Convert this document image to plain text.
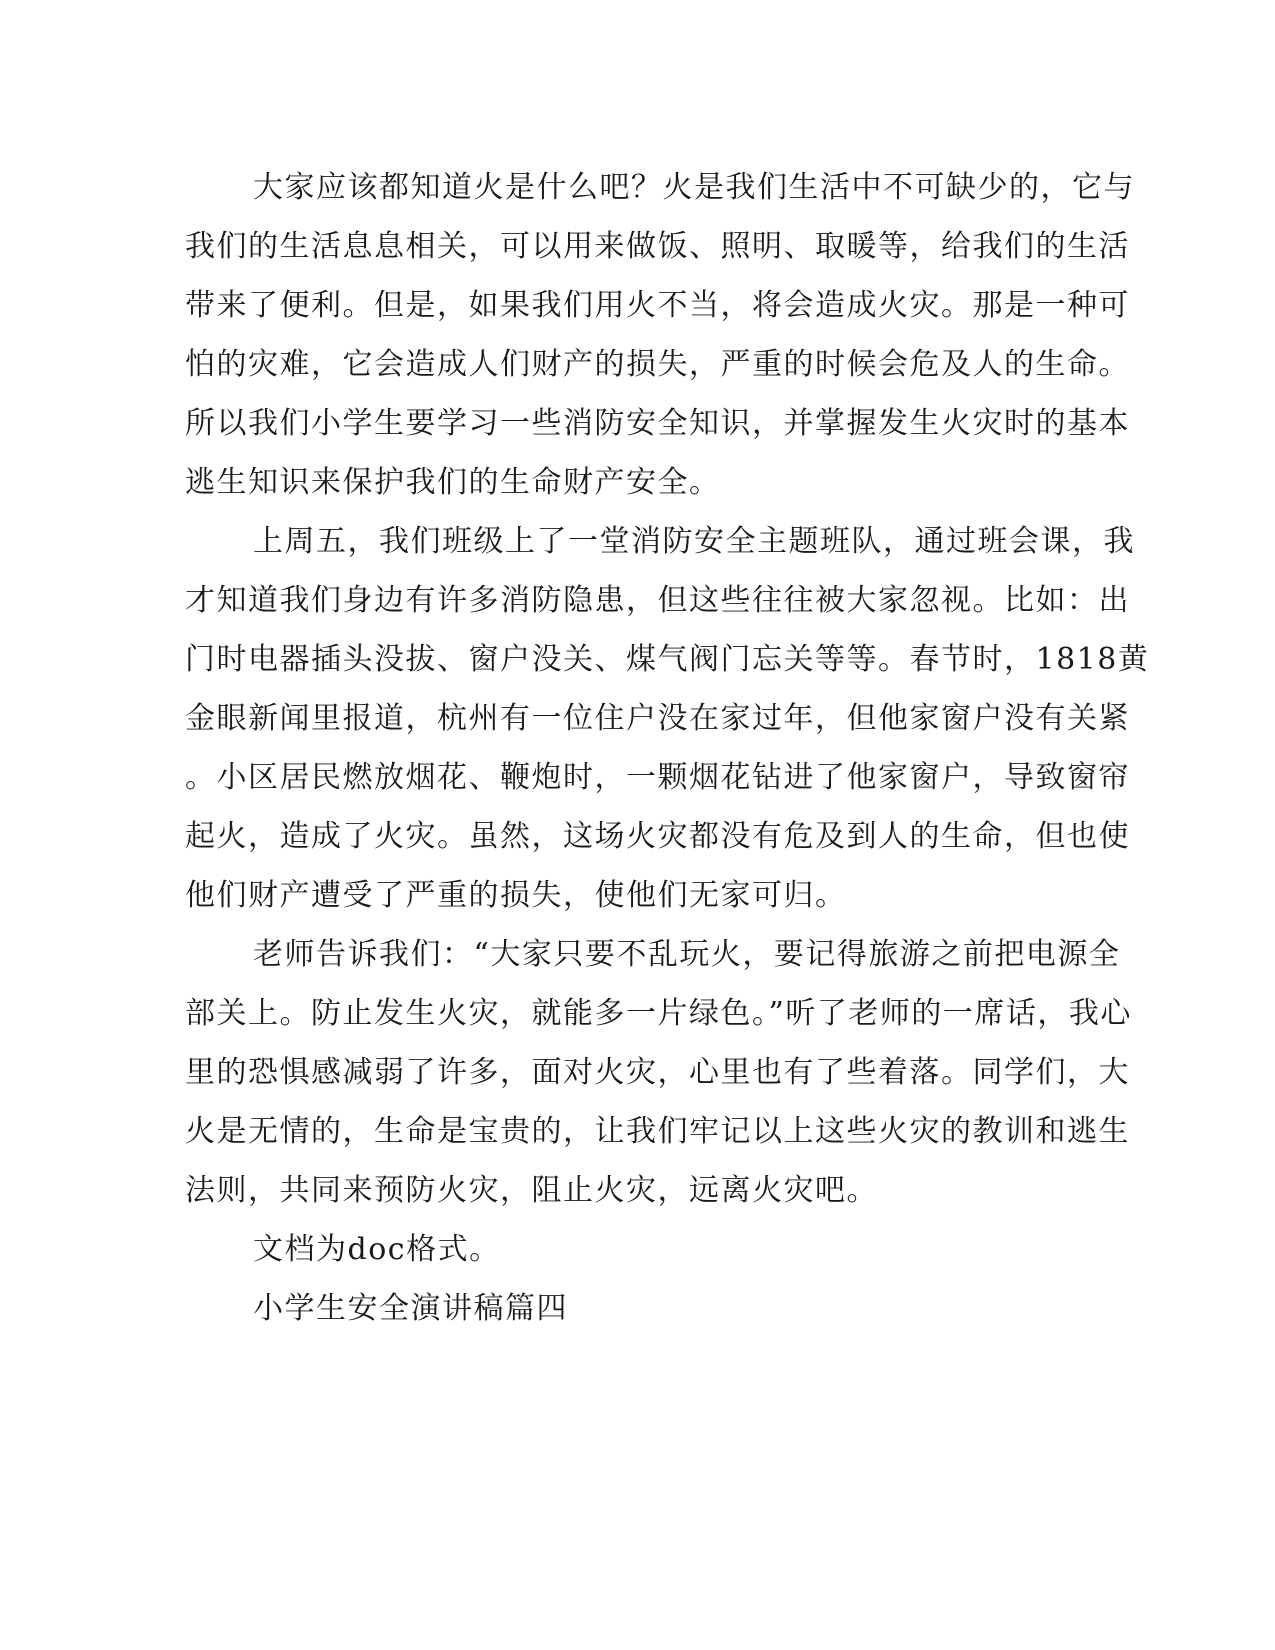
大家应该都知道火是什么吧？火是我们生活中不可缺少的，它与
我们的生活息息相关，可以用来做饭、照明、取暖等，给我们的生活
带来了便利。但是，如果我们用火不当，将会造成火灾。那是一种可
怕的灾难，它会造成人们财产的损失，严重的时候会危及人的生命。
所以我们小学生要学习一些消防安全知识，并掌握发生火灾时的基本
逃生知识来保护我们的生命财产安全。

上周五，我们班级上了一堂消防安全主题班队，通过班会课，我
才知道我们身边有许多消防隐患，但这些往往被大家忽视。比如：出
门时电器插头没拔、窗户没关、煤气阀门忘关等等。春节时，1818黄
金眼新闻里报道，杭州有一位住户没在家过年，但他家窗户没有关紧
。小区居民燃放烟花、鞭炮时，一颗烟花钻进了他家窗户，导致窗帘
起火，造成了火灾。虽然，这场火灾都没有危及到人的生命，但也使
他们财产遭受了严重的损失，使他们无家可归。

老师告诉我们：“大家只要不乱玩火，要记得旅游之前把电源全
部关上。防止发生火灾，就能多一片绿色。”听了老师的一席话，我心
里的恐惧感减弱了许多，面对火灾，心里也有了些着落。同学们，大
火是无情的，生命是宝贵的，让我们牢记以上这些火灾的教训和逃生
法则，共同来预防火灾，阻止火灾，远离火灾吧。

文档为doc格式。

小学生安全演讲稿篇四
